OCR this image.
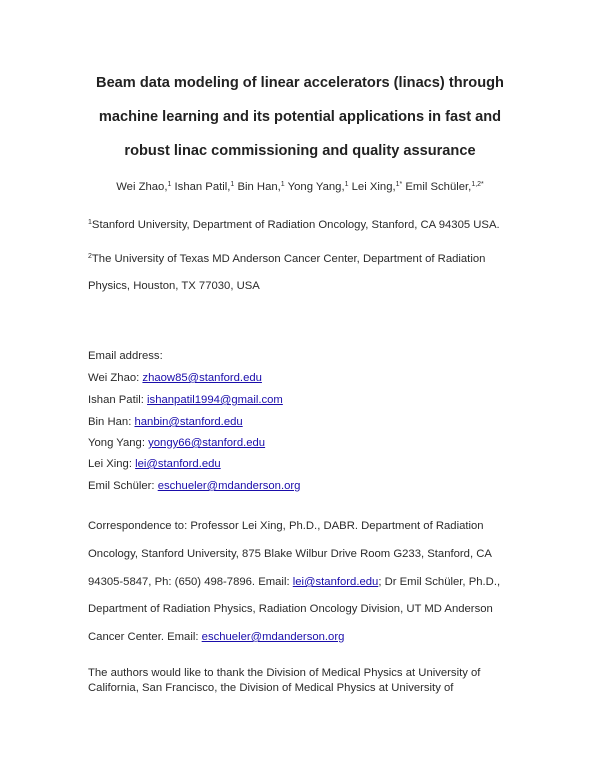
Beam data modeling of linear accelerators (linacs) through
machine learning and its potential applications in fast and
robust linac commissioning and quality assurance
Wei Zhao,$^1$ Ishan Patil,$^1$ Bin Han,$^1$ Yong Yang,$^1$ Lei Xing,$^{1*}$ Emil Schüler,$^{1,2*}$
$^1$Stanford University, Department of Radiation Oncology, Stanford, CA 94305 USA.
$^2$The University of Texas MD Anderson Cancer Center, Department of Radiation
Physics, Houston, TX 77030, USA
Email address:
Wei Zhao: zhaow85@stanford.edu
Ishan Patil: ishanpatil1994@gmail.com
Bin Han: hanbin@stanford.edu
Yong Yang: yongy66@stanford.edu
Lei Xing: lei@stanford.edu
Emil Schüler: eschueler@mdanderson.org
Correspondence to: Professor Lei Xing, Ph.D., DABR. Department of Radiation
Oncology, Stanford University, 875 Blake Wilbur Drive Room G233, Stanford, CA
94305-5847, Ph: (650) 498-7896. Email: lei@stanford.edu; Dr Emil Schüler, Ph.D.,
Department of Radiation Physics, Radiation Oncology Division, UT MD Anderson
Cancer Center. Email: eschueler@mdanderson.org
The authors would like to thank the Division of Medical Physics at University of
California, San Francisco, the Division of Medical Physics at University of
